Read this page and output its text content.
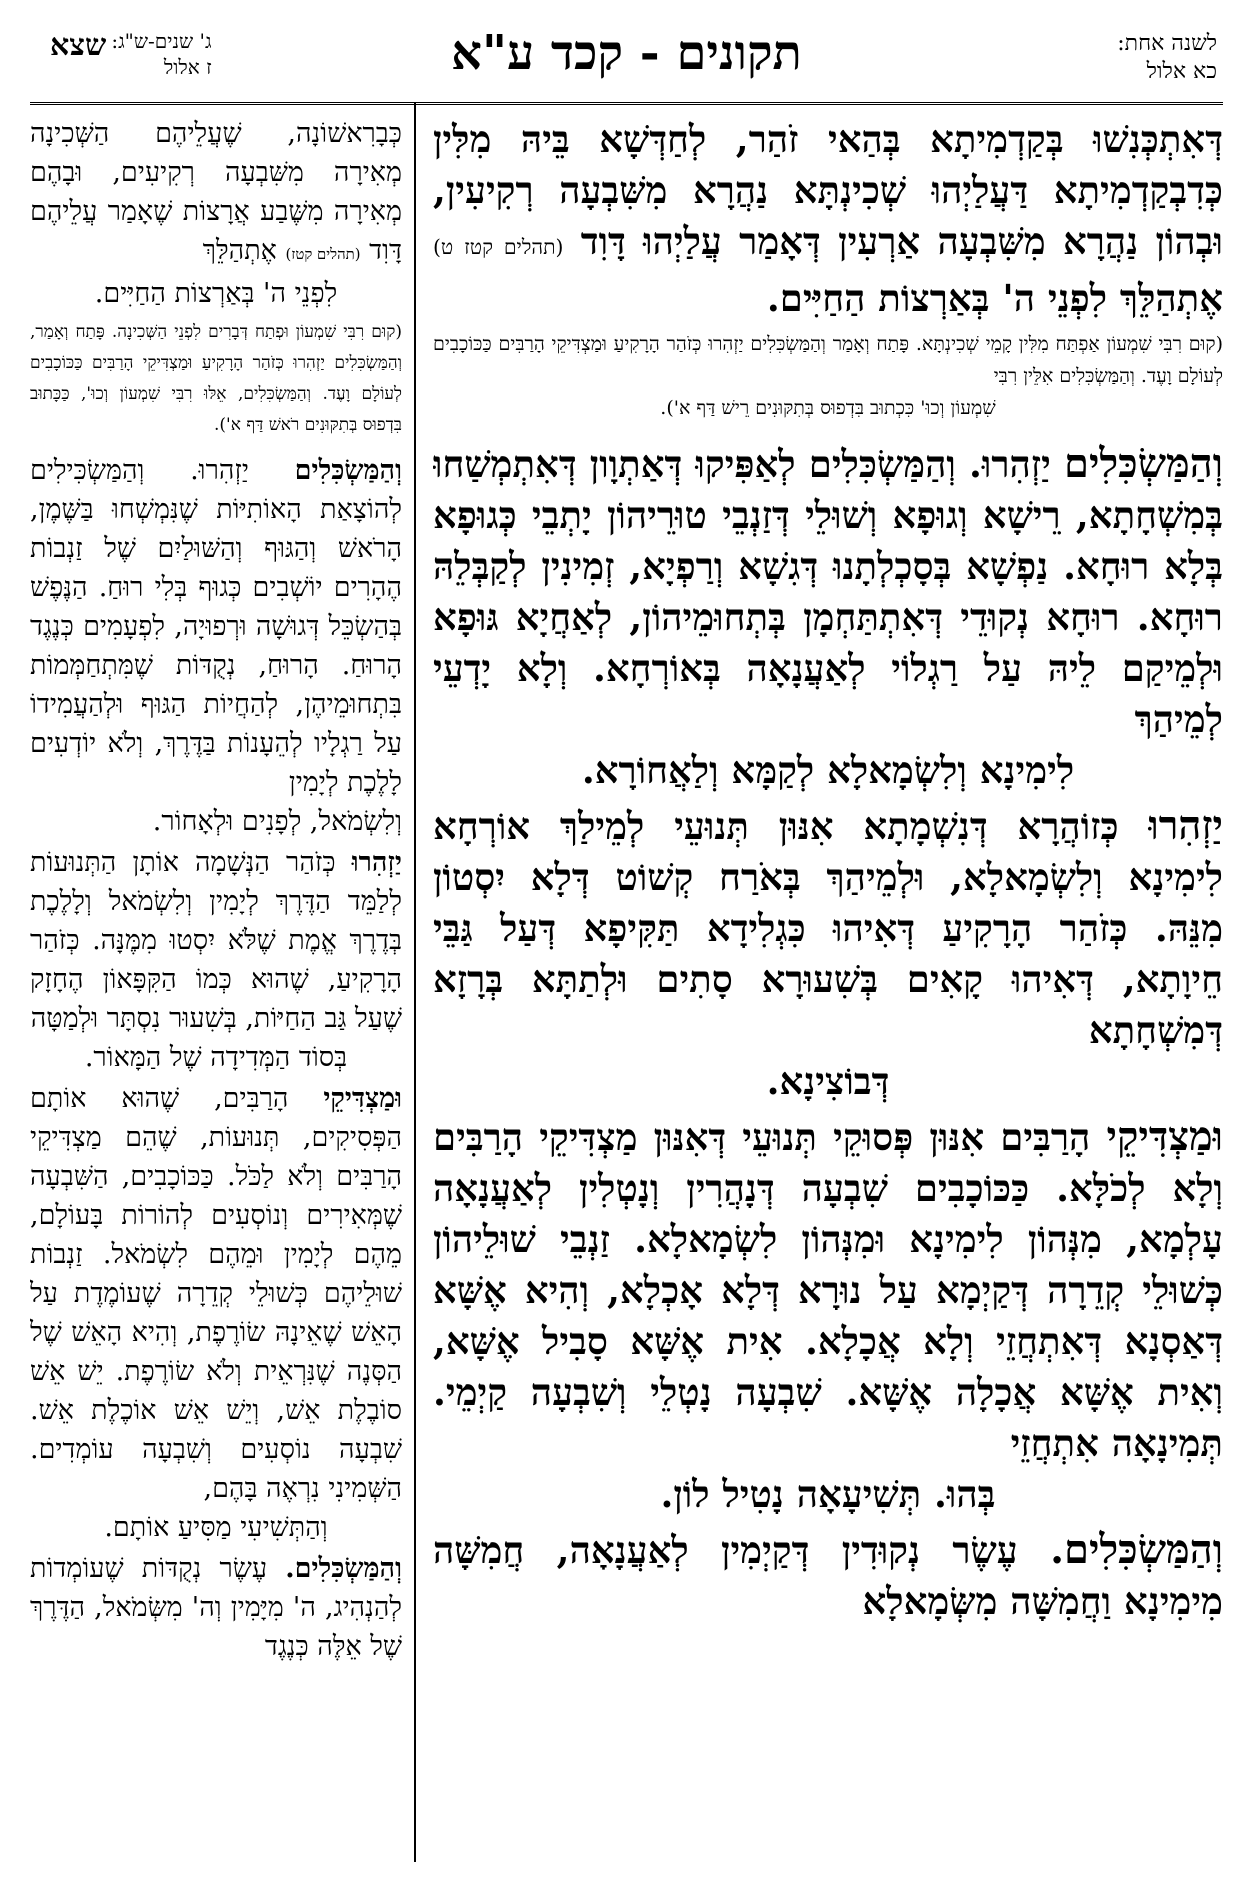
לשנה אחת:
כא אלול
תקונים - קכד ע"א
ג' שנים-ש"ג:
ז אלול
שצא
דְּאִתְכְּנִשׁוּ בְּקַדְמִיתָא בְּהַאי זֹהַר, לְחַדְּשָׁא בֵּיהּ מִלִּין כְּדִבְקַדְמִיתָא דַּעֲלַיְהוּ שְׁכִינְתָּא נַהֲרָא מִשִּׁבְעָה רְקִיעִין, וּבְהוֹן נַהֲרָא מִשִּׁבְעָה אַרְעִין דְּאָמַר עֲלַיְהוּ דָּוִד (תהלים קטז ט) אֶתְהַלֵּךְ לִפְנֵי ה' בְּאַרְצוֹת הַחַיִּים.
(קוּם רִבִּי שִׁמְעוֹן אַפְתַּח מִלִּין קָמֵי שְׁכִינְתָּא. פָּתַח וְאָמַר וְהַמַּשְׂכִּלִים יַזְהִרוּ כְּזֹהַר הָרָקִיעַ וּמַצְדִּיקֵי הָרַבִּים כַּכּוֹכָבִים לְעוֹלָם וָעֶד. וְהַמַּשְׂכִּלִים אִלֵּין רִבִּי
שִׁמְעוֹן וְכוּ' כִּכְתוּב בִּדְפוּס בְּתִקּוּנִים רֵישׁ דַּף א').
וְהַמַּשְׂכִּלִים יַזְהִרוּ. וְהַמַּשְׂכִּלִים לְאַפִּיקוּ דְּאַתְוָון דְּאִתְמְשַׁחוּ בְּמִשְׁחָתָא, רֵישָׁא וְגוּפָא וְשׁוּלֵי דְּזַנְבֵי טוּרֵיהוֹן יָתְבֵי כְּגוּפָא בְּלָא רוּחָא. נַפְשָׁא בְּסָכְלְתָנוּ דְּגִשָׁא וְרַפְיָא, זְמִינִין לְקַבְּלֵהּ רוּחָא. רוּחָא נְקוּדֵי דְּאִתְתַּחְמָן בְּתְחוּמֵיהוֹן, לְאַחֲיָא גּוּפָא וּלְמֵיקַם לֵיהּ עַל רַגְלוֹי לְאַעֲנָאָה בְּאוֹרְחָא. וְלָא יָדְעֵי לְמֵיהַךְ
לִימִינָא וְלִשְׂמָאלָא לְקַמָּא וְלַאֲחוֹרָא.
יַזְהִרוּ כְּזוֹהֲרָא דְּנִשְׁמָתָא אִנּוּן תְּנוּעֵי לְמֵילַךְ אוֹרְחָא לִימִינָא וְלִשְׂמָאלָא, וּלְמֵיהַךְ בְּאֹרַח קְשׁוֹט דְּלָא יִסְטוֹן מִנֵּהּ. כְּזֹהַר הָרָקִיעַ דְּאִיהוּ כִּגְלִידָא תַּקִּיפָא דְּעַל גַּבֵּי חֵיוָתָא, דְּאִיהוּ קָאִים בְּשִׁעוּרָא סָתִים וּלְתַתָּא בְּרָזָא דְּמִשְׁחָתָא
דְּבוֹצִינָא.
וּמַצְדִּיקֵי הָרַבִּים אִנּוּן פְּסוּקֵי תְּנוּעֵי דְּאִנּוּן מַצְדִּיקֵי הָרַבִּים וְלָא לְכֹלָּא. כַּכּוֹכָבִים שִׁבְעָה דְּנָהֲרִין וְנָטְלִין לְאַעֲנָאָה עָלְמָא, מִנְּהוֹן לִימִינָא וּמִנְּהוֹן לִשְׂמָאלָא. זַנְבֵי שׁוּלֵיהוֹן כְּשׁוּלֵי קְדֵרָה דְּקַיְמָא עַל נוּרָא דְּלָא אָכְלָא, וְהִיא אֶשָּׁא דְּאַסְנָא דְּאִתְחֲזֵי וְלָא אֲכָלָא. אִית אֶשָּׁא סָבִיל אֶשָּׁא, וְאִית אֶשָּׁא אֲכָלָה אֶשָּׁא. שִׁבְעָה נָטְלֵי וְשִׁבְעָה קַיְמֵי. תְּמִינָאָה אִתְחֲזֵי
בְּהוּ. תְּשִׁיעָאָה נָטִיל לוֹן.
וְהַמַּשְׂכִּלִים. עֶשֶׂר נְקוּדִין דְּקַיְמִין לְאַעֲנָאָה, חֲמִשָּׁה מִימִינָא וַחֲמִשָּׁה מִשְּׂמָאלָא
כְּבָרִאשׁוֹנָה, שֶׁעֲלֵיהֶם הַשְּׁכִינָה מְאִירָה מִשִּׁבְעָה רְקִיעִים, וּבָהֶם מְאִירָה מִשֶּׁבַע אֲרָצוֹת שֶׁאָמַר עֲלֵיהֶם דָּוִד (תהלים קטז) אֶתְהַלֵּךְ
לִפְנֵי ה' בְּאַרְצוֹת הַחַיִּים.
(קוּם רִבִּי שִׁמְעוֹן וּפְתַח דְּבָרִים לִפְנֵי הַשְּׁכִינָה. פָּתַח וְאָמַר, וְהַמַּשְׂכִּלִים יַזְהִרוּ כְּזֹהַר הָרָקִיעַ וּמַצְדִּיקֵי הָרַבִּים כַּכּוֹכָבִים לְעוֹלָם וָעֶד. וְהַמַּשְׂכִּלִים, אֵלּוּ רִבִּי שִׁמְעוֹן וְכוּ', כַּכָּתוּב בִּדְפוּס בְּתִקּוּנִים רֹאשׁ דַּף א').
וְהַמַּשְׂכִּלִים יַזְהִרוּ. וְהַמַּשְׂכִּילִים לְהוֹצָאַת הָאוֹתִיּוֹת שֶׁנִּמְשְׁחוּ בַּשֶּׁמֶן, הָרֹאשׁ וְהַגּוּף וְהַשּׁוּלַיִם שֶׁל זַנְבוֹת הֶהָרִים יוֹשְׁבִים כְּגוּף בְּלִי רוּחַ. הַנֶּפֶשׁ בְּהַשְׂכֵּל דְּגוּשָׁה וּרְפוּיָה, לִפְעָמִים כְּנֶגֶד הָרוּחַ. הָרוּחַ, נְקֻדּוֹת שֶׁמִּתְחַמְּמוֹת בִּתְחוּמֵיהֶן, לְהַחֲיוֹת הַגּוּף וּלְהַעֲמִידוֹ עַל רַגְלָיו לְהֵעָנוֹת בַּדֶּרֶךְ, וְלֹא יוֹדְעִים לָלֶכֶת לְיָמִין
וְלִשְׂמֹאל, לְפָנִים וּלְאָחוֹר.
יַזְהִרוּ כְּזֹהַר הַנְּשָׁמָה אוֹתָן הַתְּנוּעוֹת לְלַמֵּד הַדֶּרֶךְ לְיָמִין וְלִשְׂמֹאל וְלָלֶכֶת בְּדֶרֶךְ אֱמֶת שֶׁלֹּא יִסְטוּ מִמֶּנָּה. כְּזֹהַר הָרָקִיעַ, שֶׁהוּא כְּמוֹ הַקִּפָּאוֹן הֶחָזָק שֶׁעַל גַּב הַחַיּוֹת, בְּשִׁעוּר נִסְתָּר וּלְמַטָּה
בְּסוֹד הַמְּדִידָה שֶׁל הַמָּאוֹר.
וּמַצְדִּיקֵי הָרַבִּים, שֶׁהוּא אוֹתָם הַפְּסִיקִים, תְּנוּעוֹת, שֶׁהֵם מַצְדִּיקֵי הָרַבִּים וְלֹא לַכֹּל. כַּכּוֹכָבִים, הַשִּׁבְעָה שֶׁמְּאִירִים וְנוֹסְעִים לְהוֹרוֹת בָּעוֹלָם, מֵהֶם לְיָמִין וּמֵהֶם לִשְׂמֹאל. זַנְבוֹת שׁוּלֵיהֶם כְּשׁוּלֵי קְדֵרָה שֶׁעוֹמֶדֶת עַל הָאֵשׁ שֶׁאֵינָהּ שׂוֹרֶפֶת, וְהִיא הָאֵשׁ שֶׁל הַסְּנֶה שֶׁנִּרְאֵית וְלֹא שׂוֹרֶפֶת. יֵשׁ אֵשׁ סוֹבֶלֶת אֵשׁ, וְיֵשׁ אֵשׁ אוֹכֶלֶת אֵשׁ. שִׁבְעָה נוֹסְעִים וְשִׁבְעָה עוֹמְדִים. הַשְּׁמִינִי נִרְאֶה בָּהֶם,
וְהַתְּשִׁיעִי מַסִּיעַ אוֹתָם.
וְהַמַּשְׂכִּלִים. עֶשֶׂר נְקֻדּוֹת שֶׁעוֹמְדוֹת לְהַנְהִיג, ה' מִיָּמִין וְה' מִשְּׂמֹאל, הַדֶּרֶךְ שֶׁל אֵלֶּה כְּנֶגֶד
